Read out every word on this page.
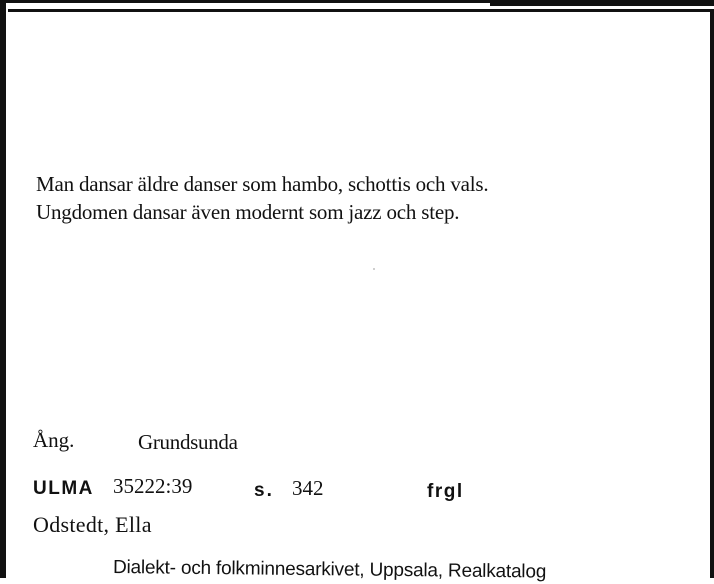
Man dansar äldre danser som hambo, schottis och vals.
Ungdomen dansar även modernt som jazz och step.
Ång.	Grundsunda
ULMA 35222:39	s. 342	frgl
Odstedt, Ella
Dialekt- och folkminnesarkivet, Uppsala, Realkatalog
